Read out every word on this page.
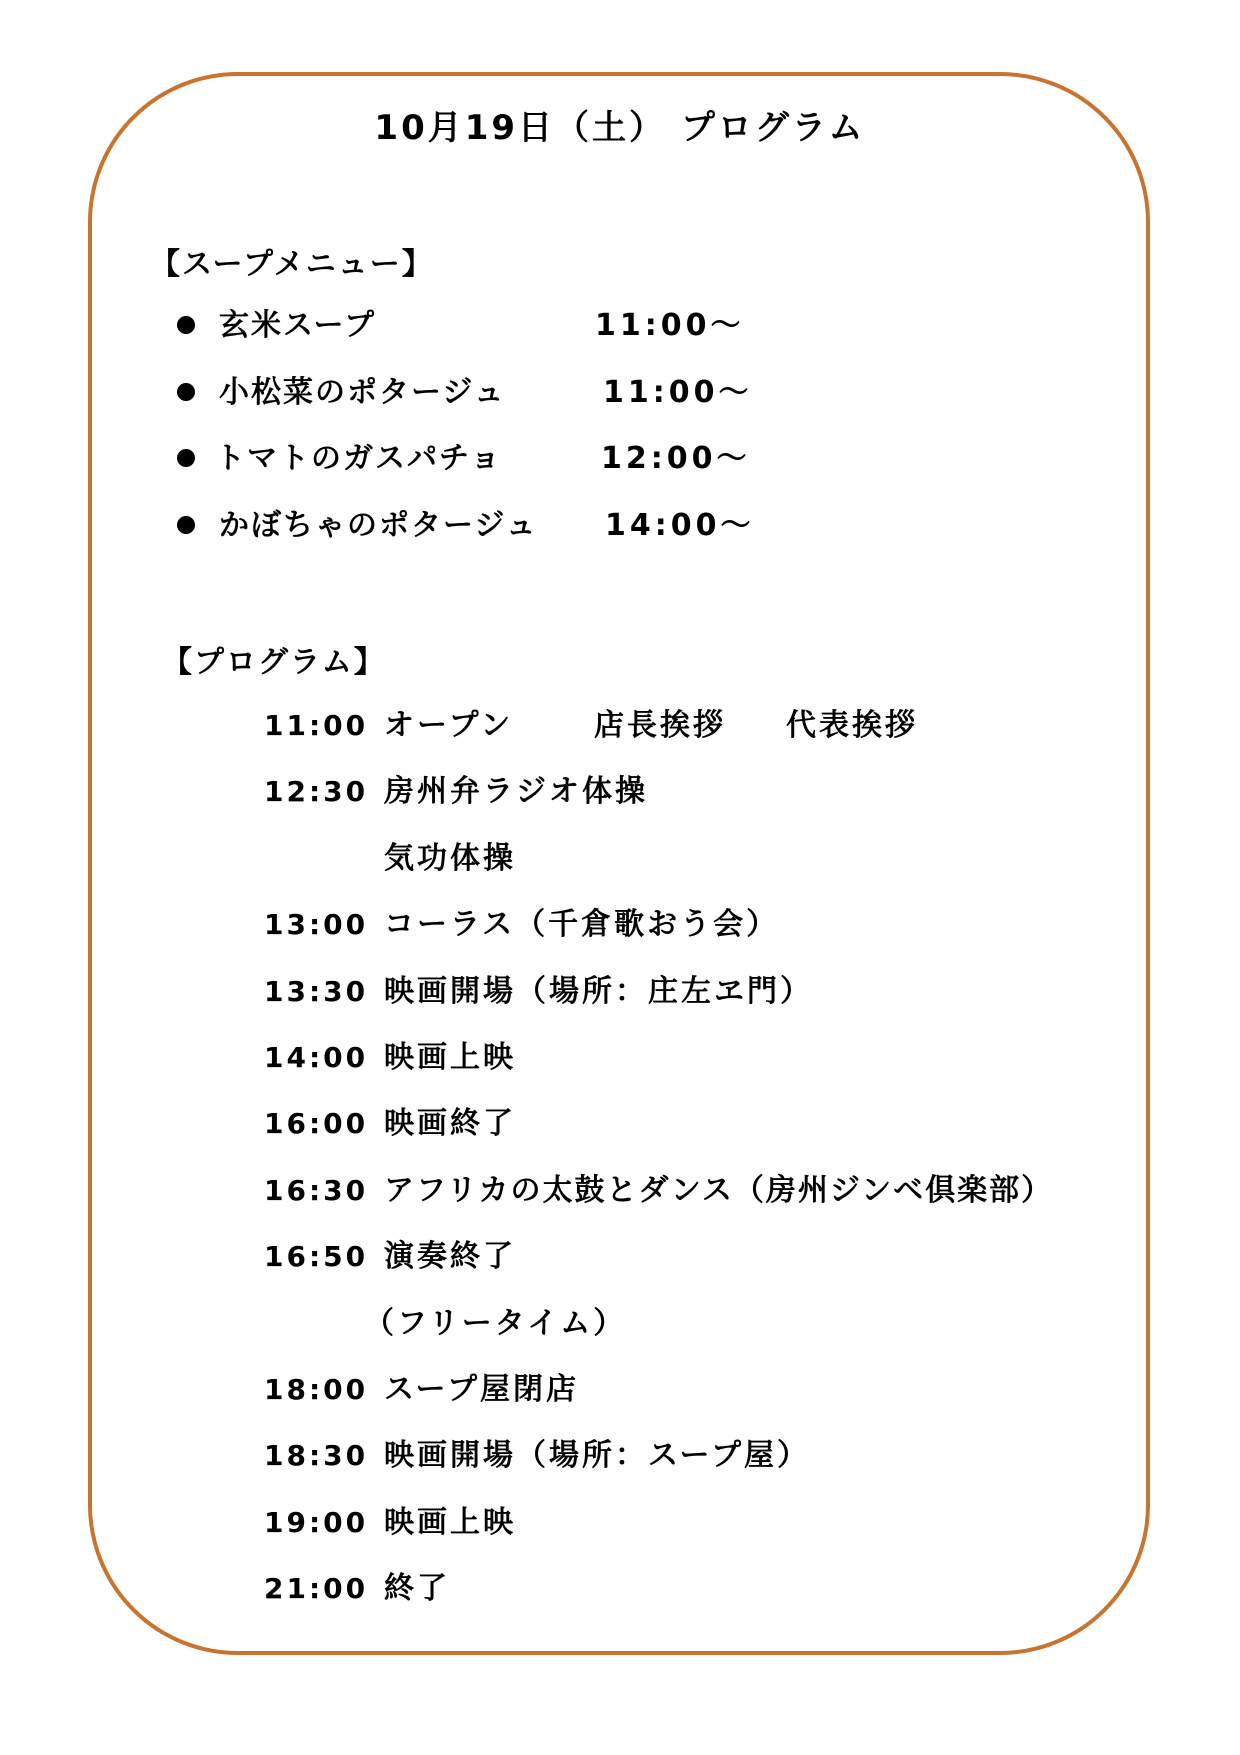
10月19日（土） プログラム
【スープメニュー】
玄米スープ	11:00～
小松菜のポタージュ	11:00～
トマトのガスパチョ	12:00～
かぼちゃのポタージュ 14:00～
【プログラム】
11:00 オープン	店長挨拶 代表挨拶
12:30 房州弁ラジオ体操
気功体操
13:00 コーラス（千倉歌おう会）
13:30 映画開場（場所：庄左ヱ門）
14:00 映画上映
16:00 映画終了
16:30 アフリカの太鼓とダンス（房州ジンベ倶楽部）
16:50 演奏終了
（フリータイム）
18:00 スープ屋閉店
18:30 映画開場（場所：スープ屋）
19:00 映画上映
21:00 終了
